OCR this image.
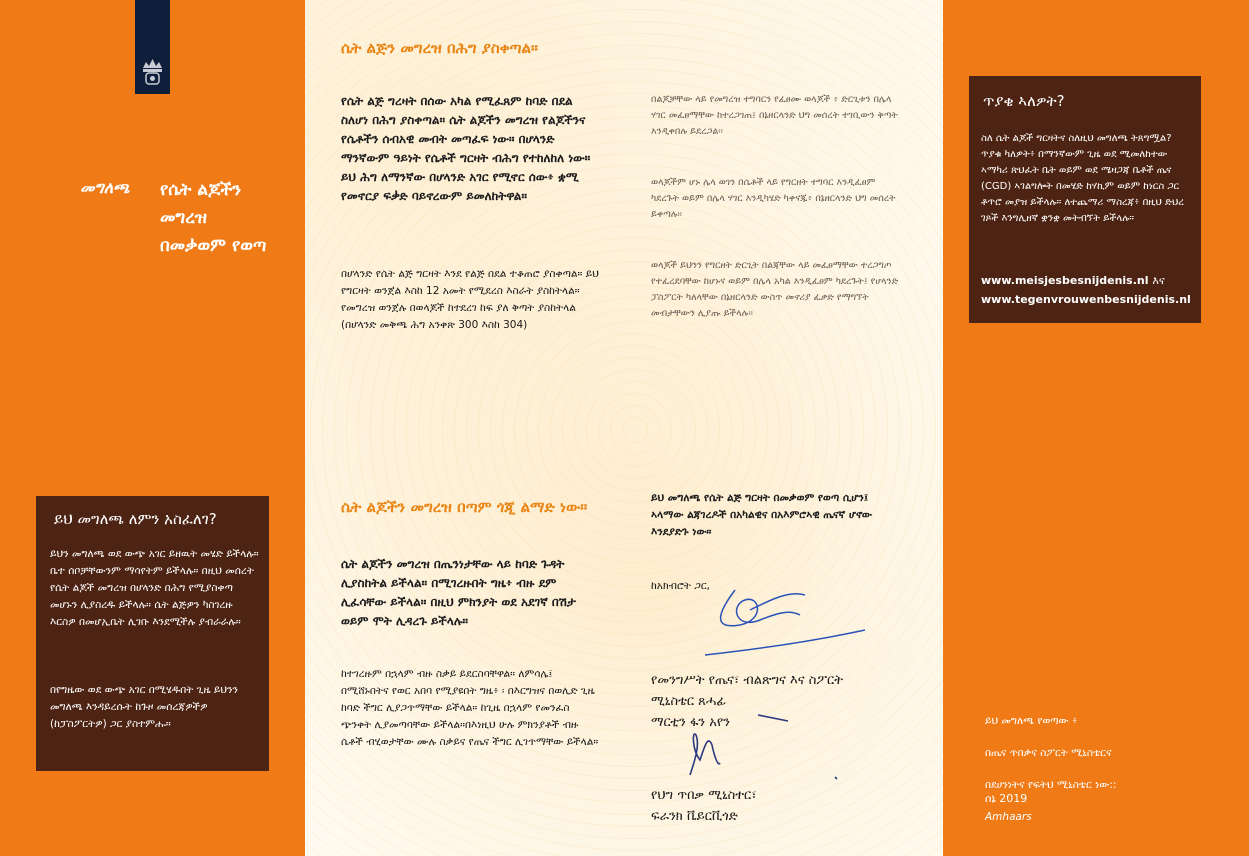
መግለጫ የሴት ልጆችን
መግረዝ
በመቃወም የወጣ
ይህ መግለጫ ለምን አስፈለገ?

ይህን መግለጫ ወደ ውጭ አገር ይዘዉት መሄድ ይችላሉ። ቤተ ሰቦቻቸውንም ማሳየትም ይችላሉ። በዚህ መሰረት የሴት ልጆች መግረዝ በሆላንድ በሕግ የሚያስቀጣ መሆኑን ሊያስረዱ ይችላሉ። ሴት ልጅዎን ካስገረዙ እርስዎ በመሆኢቤት ሊገቡ እንደሚችሉ ያብራራሉ።

በየግዜው ወደ ውጭ አገር በሚሄዱበት ጊዜ ይህንን መግለጫ እንዳይረሱት ከጉዞ መሰረጃዎችዎ (ከፓስፖርትዎ) ጋር ያስተምሑ።

ሴት ልጅን መግረዝ በሕግ ያስቀጣል።
የሴት ልጅ ግረዛት በሰው አካል የሚፈጸም ከባድ በደል ስለሆነ በሕግ ያስቀጣል። ሴት ልጆችን መግረዝ የልጆችንና የሴቶችን ሰብአዊ መብት መጣፈፍ ነው። በሆላንድ ማንኛውም ዓይነት የሴቶች ግርዛት ብሕግ የተከለከለ ነው። ይህ ሕግ ለማንኛው በሆላንድ አገር የሚኖር ሰው፥ ቋሚ የመኖርያ ፍቃድ ባይኖረውም ይመለከትዋል።
በሆላንድ የሴት ልጅ ግርዛት እንደ የልጅ በደል ተቆጠሮ ያስቀጣል። ይህ የግርዛት ወንጀል እስከ 12 አመት የሚደረስ እስራት ያስከትላል። የመግረዝ ወንጀሉ በወላጆች ከተደረገ ከፍ ያለ ቅጣት ያስከትላል (በሆላንድ መቅጫ ሕግ አንቀጽ 300 እስከ 304)
ሴት ልጆችን መግረዝ በጣም ጎጂ ልማድ ነው።
ሴት ልጆችን መግረዝ በጤንነታቸው ላይ ከባድ ጉዳት ሊያስከትል ይችላል። በሚገረዙበት ግዜ፥ ብዙ ደም ሊፈሳቸው ይችላል። በዚህ ምክንያት ወደ አደገኛ በሽታ ወይም ሞት ሊዳረጉ ይችላሉ።
ከተገረዙም በኋላም ብዙ ስቃይ ይደርስባቸዋል። ለምሳሌ፤ በሚሸኑበትና የወር አበባ የሚያዩበት ግዜ፥ ፡ በእርግዝና በወሊድ ጊዜ ከባድ ችግር ሊያጋጥማቸው ይችላል። ከጊዜ በኋላም የመንፈስ ጭንቀት ሊያመጣባቸው ይችላል።በእነዚህ ሁሉ ምክንያቶች ብዙ ሴቶች ብሂወታቸው ሙሉ ስቃይና የጤና ችግር ሊገጥማቸው ይችላል።
በልጆቻቸው ላይ የመግረዝ ተግባርን የፈፀሙ ወላጆች ፥ ድርጊቱን በሌላ ሃገር መፈፀማቸው ከተረጋገጠ፤ በኔዘርላንድ ህግ መሰረት ተገቢውን ቅጣት እንዲቀበሉ ይደረጋል።
ወላጆችም ሆኑ ሌላ ወገን በሴቶች ላይ የግርዘት ተግባር እንዲፈፀም ካደረጉት ወይም በሌላ ሃገር እንዲካሄድ ካቀናጁ፥ በኔዘርላንድ ህግ መሰረት ይቀጣሉ።
ወላጆች ይህንን የግርዘት ድርጊት በልጃቸው ላይ መፈፀማቸው ተረጋግጦ የተፈረደባቸው ከሆኑና ወይም በሌላ አካል እንዲፈፀም ካደረጉት፤ የሆላንድ ፓስፖርት ካለላቸው በኔዘርላንድ ውስጥ መኖሪያ ፈቃድ የማግኘት መብታቸውን ሊያጡ ይችላሉ።
ይህ መግለጫ የሴት ልጅ ግርዛት በመቃወም የወጣ ሲሆን፤ ኣላማው ልጃገረዶች በአካልዊና በአእምሮኣዊ ጤናኛ ሆኖው እንደያድጉ ነው።
ከአክብሮት ጋር,
የመንግሥት የጤና፣ ብልጽግና እና ስፖርት
ሚኒስቴር ጸሓፊ
ማርቲን ፋን አየን
የህግ ጥበቃ ሚኒስተር፣
ፍራንክ ቬይርቪጎድ
ጥያቄ ኣለዎት?

ስለ ሴት ልጆች ግርዛትና ስለዚህ መግለጫ ትጸግሟል? ጥያቁ ካለዎት፥ በማንኛውም ጊዜ ወደ ሚመለከተው ኣማካሪ ጽህፈት ቤት ወይም ወደ ሜዛጋጃ ቤቶች ጤና (CGD) ኣገልግሎት በመሄድ ከሃኪም ወይም ከነርስ ጋር ቶጥሮ መያዝ ይችላሉ። ለተጨማሪ ማስረጃ፥ በዚህ ድህረ ገጾች እንግሊዘኛ ቋንቋ መትብኘት ይችላሉ።

www.meisjesbesnijdenis.nl እና
www.tegenvrouwenbesnijdenis.nl
ይህ መግለጫ የወጣው ፥
በጤና ጥበቃና ስፖርት ሚኒስቴርና
በደሀንነትና የፍትህ ሚኒስቴር ነው::
ሰኔ 2019
Amhaars
